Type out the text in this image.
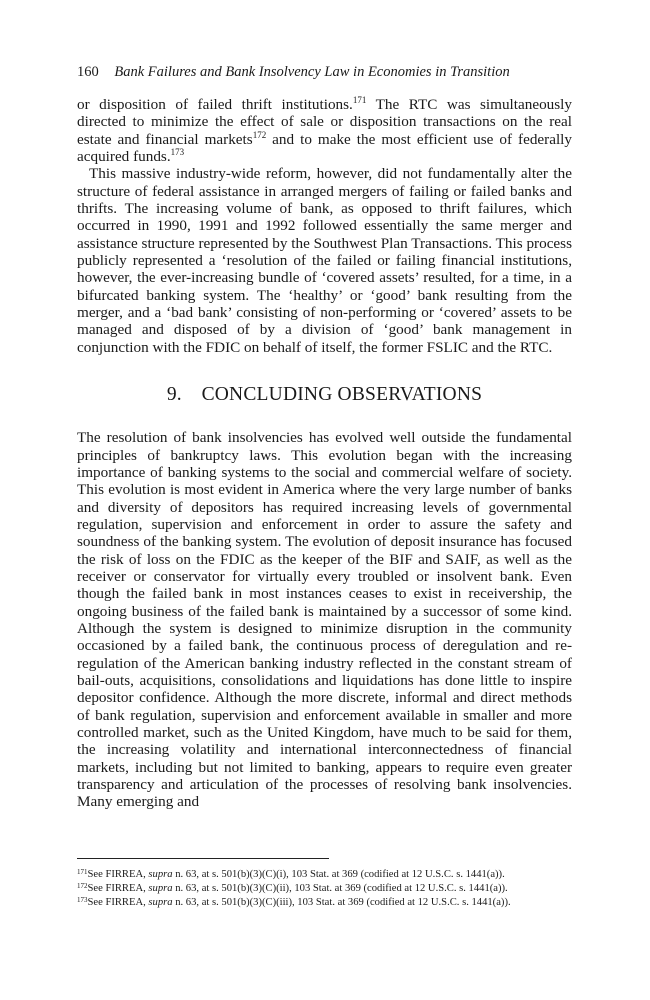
160 Bank Failures and Bank Insolvency Law in Economies in Transition

or disposition of failed thrift institutions.$^{171}$ The RTC was simultaneously directed to minimize the effect of sale or disposition transactions on the real estate and financial markets$^{172}$ and to make the most efficient use of federally acquired funds.$^{173}$

This massive industry-wide reform, however, did not fundamentally alter the structure of federal assistance in arranged mergers of failing or failed banks and thrifts. The increasing volume of bank, as opposed to thrift failures, which occurred in 1990, 1991 and 1992 followed essentially the same merger and assistance structure represented by the Southwest Plan Transactions. This process publicly represented a ‘resolution of the failed or failing financial institutions, however, the ever-increasing bundle of ‘covered assets’ resulted, for a time, in a bifurcated banking system. The ‘healthy’ or ‘good’ bank resulting from the merger, and a ‘bad bank’ consisting of non-performing or ‘covered’ assets to be managed and disposed of by a division of ‘good’ bank management in conjunction with the FDIC on behalf of itself, the former FSLIC and the RTC.

9. CONCLUDING OBSERVATIONS

The resolution of bank insolvencies has evolved well outside the fundamental principles of bankruptcy laws. This evolution began with the increasing importance of banking systems to the social and commercial welfare of society. This evolution is most evident in America where the very large number of banks and diversity of depositors has required increasing levels of governmental regulation, supervision and enforcement in order to assure the safety and soundness of the banking system. The evolution of deposit insurance has focused the risk of loss on the FDIC as the keeper of the BIF and SAIF, as well as the receiver or conservator for virtually every troubled or insolvent bank. Even though the failed bank in most instances ceases to exist in receivership, the ongoing business of the failed bank is maintained by a successor of some kind. Although the system is designed to minimize disruption in the community occasioned by a failed bank, the continuous process of deregulation and re-regulation of the American banking industry reflected in the constant stream of bail-outs, acquisitions, consolidations and liquidations has done little to inspire depositor confidence. Although the more discrete, informal and direct methods of bank regulation, supervision and enforcement available in smaller and more controlled market, such as the United Kingdom, have much to be said for them, the increasing volatility and international interconnectedness of financial markets, including but not limited to banking, appears to require even greater transparency and articulation of the processes of resolving bank insolvencies. Many emerging and

$^{171}$See FIRREA, supra n. 63, at s. 501(b)(3)(C)(i), 103 Stat. at 369 (codified at 12 U.S.C. s. 1441(a)).
$^{172}$See FIRREA, supra n. 63, at s. 501(b)(3)(C)(ii), 103 Stat. at 369 (codified at 12 U.S.C. s. 1441(a)).
$^{173}$See FIRREA, supra n. 63, at s. 501(b)(3)(C)(iii), 103 Stat. at 369 (codified at 12 U.S.C. s. 1441(a)).
